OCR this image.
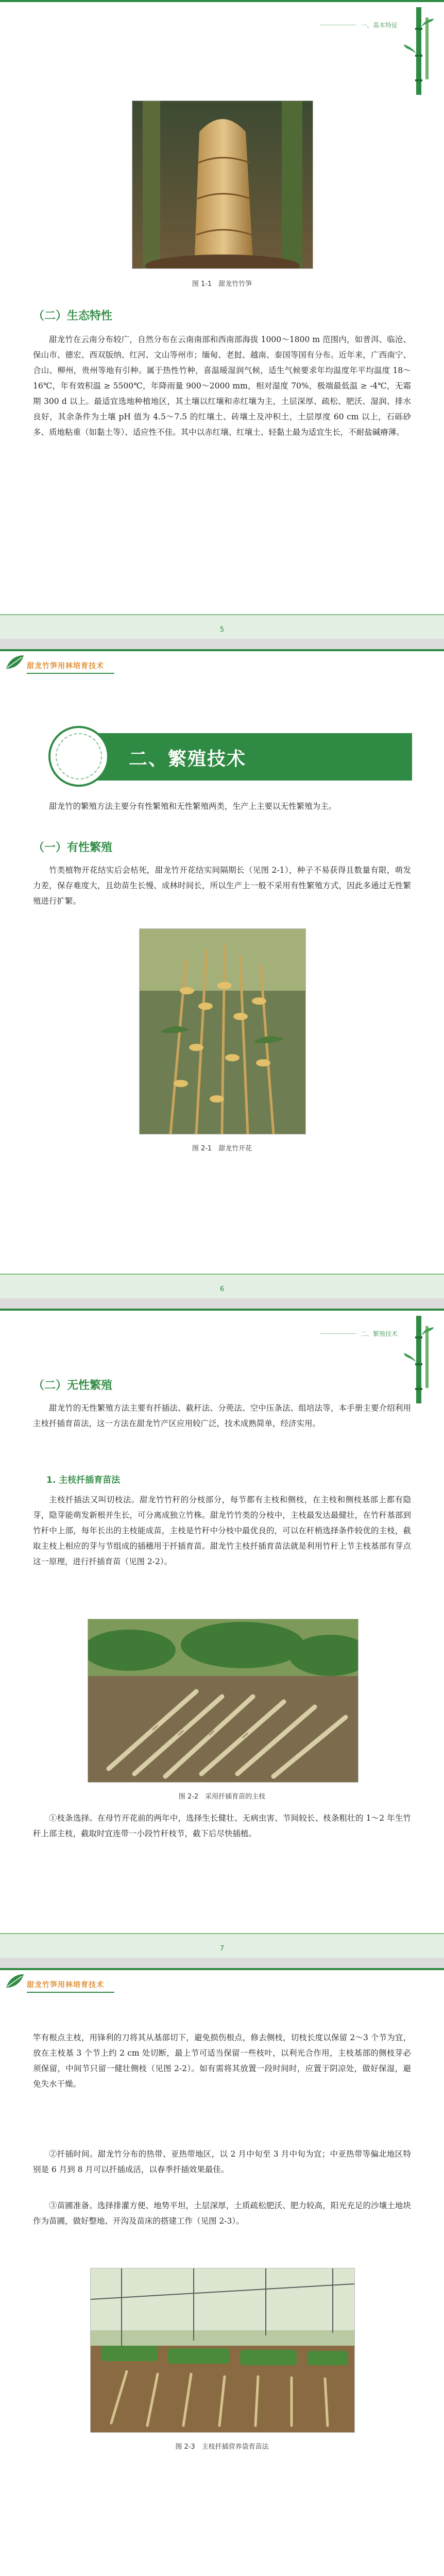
一、基本特征
图 1-1　甜龙竹竹笋
（二）生态特性

甜龙竹在云南分布较广，自然分布在云南南部和西南部海拔 1000～1800 m 范围内，如普洱、临沧、保山市、德宏、西双版纳、红河、文山等州市；缅甸、老挝、越南、泰国等国有分布。近年来，广西南宁、合山、柳州，贵州等地有引种。属于热性竹种，喜温暖湿润气候，适生气候要求年均温度年平均温度 18～16℃，年有效积温 ≥ 5500℃，年降雨量 900～2000 mm，相对湿度 70%，极端最低温 ≥ -4℃，无霜期 300 d 以上。最适宜选地种植地区，其土壤以红壤和赤红壤为主，土层深厚、疏松、肥沃、湿润、排水良好，其余条件为土壤 pH 值为 4.5～7.5 的红壤土、砖壤土及冲积土，土层厚度 60 cm 以上，石砾砂多、质地粘重（如黏土等）、适应性不佳。其中以赤红壤、红壤土、轻黏土最为适宜生长，不耐盐碱瘠薄。

5
甜龙竹笋用林培育技术
二、繁殖技术

甜龙竹的繁殖方法主要分有性繁殖和无性繁殖两类，生产上主要以无性繁殖为主。

（一）有性繁殖

竹类植物开花结实后会枯死，甜龙竹开花结实间隔期长（见图 2-1），种子不易获得且数量有限，萌发力差，保存难度大，且幼苗生长慢、成林时间长，所以生产上一般不采用有性繁殖方式，因此多通过无性繁殖进行扩繁。

图 2-1　甜龙竹开花
6
二、繁殖技术
（二）无性繁殖

甜龙竹的无性繁殖方法主要有扦插法、截秆法、分蔸法、空中压条法、组培法等，本手册主要介绍利用主枝扦插育苗法，这一方法在甜龙竹产区应用较广泛，技术成熟简单，经济实用。

1. 主枝扦插育苗法

主枝扦插法又叫切枝法。甜龙竹竹秆的分枝部分，每节都有主枝和侧枝，在主枝和侧枝基部上都有隐芽，隐芽能萌发新根并生长，可分离成独立竹株。甜龙竹竹类的分枝中，主枝最发达最健壮，在竹秆基部到竹秆中上部，每年长出的主枝能成苗，主枝是竹秆中分枝中最优良的，可以在秆梢选择条件较优的主枝，截取主枝上相应的芽与节组成的插穗用于扦插育苗。甜龙竹主枝扦插育苗法就是利用竹秆上节主枝基部有芽点这一原理，进行扦插育苗（见图 2-2）。

图 2-2　采用扦插育苗的主枝

①枝条选择。在母竹开花前的两年中，选择生长健壮、无病虫害、节间较长、枝条粗壮的 1～2 年生竹秆上部主枝，截取时宜连带一小段竹秆枝节，截下后尽快插植。

7
甜龙竹笋用林培育技术

竿有根点主枝，用锋利的刀将其从基部切下，避免损伤根点，修去侧枝，切枝长度以保留 2～3 个节为宜，放在主枝基 3 个节上约 2 cm 处切断，最上节可适当保留一些枝叶，以利光合作用，主枝基部的侧枝芽必须保留，中间节只留一健壮侧枝（见图 2-2）。如有需将其放置一段时间时，应置于阴凉处，做好保湿，避免失水干燥。

②扦插时间。甜龙竹分布的热带、亚热带地区，以 2 月中旬至 3 月中旬为宜；中亚热带等偏北地区特别是 6 月到 8 月可以扦插成活，以春季扦插效果最佳。

③苗圃准备。选择排灌方便、地势平坦，土层深厚，土质疏松肥沃、肥力较高，阳光充足的沙壤土地块作为苗圃，做好整地、开沟及苗床的搭建工作（见图 2-3）。

图 2-3　主枝扦插营养袋育苗法
